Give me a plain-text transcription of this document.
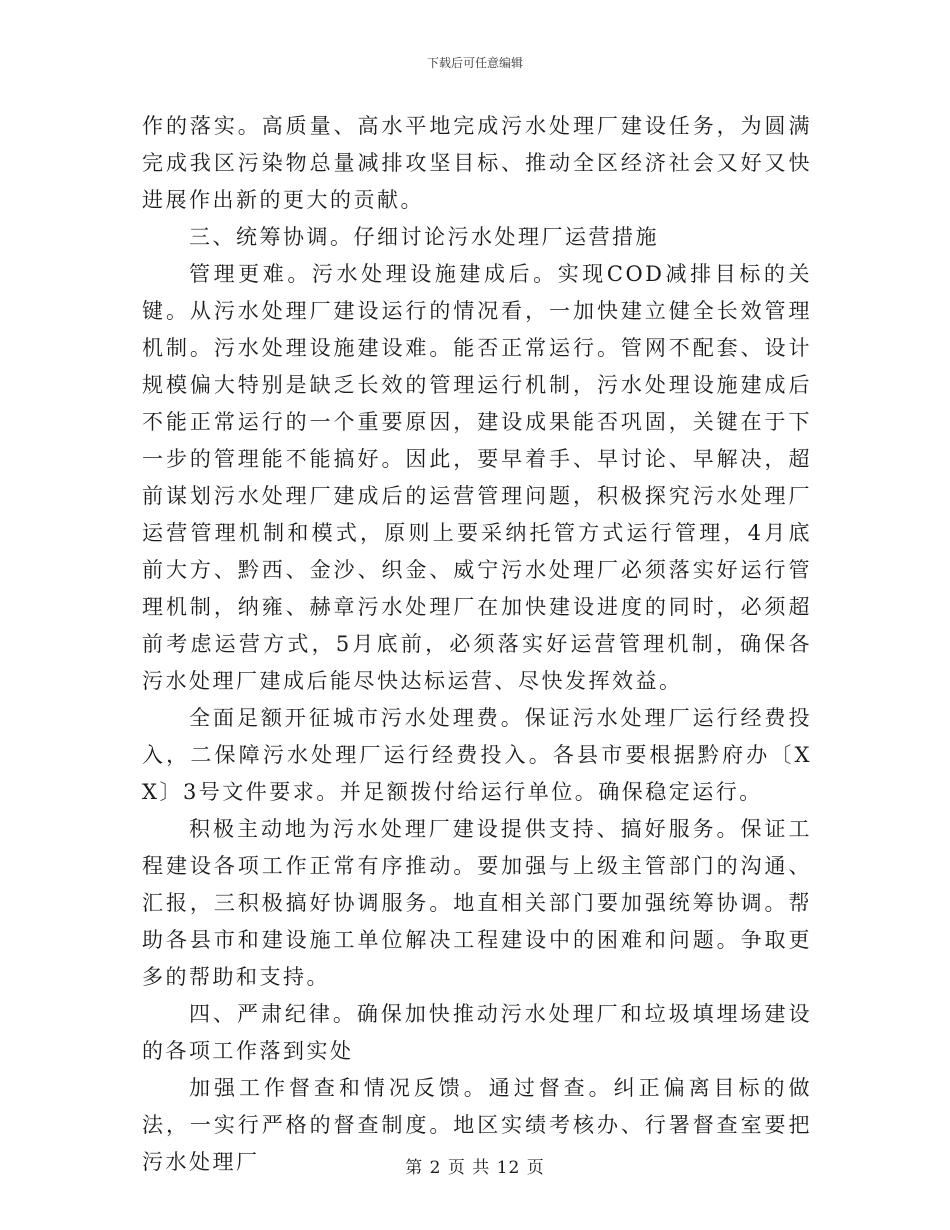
下载后可任意编辑

作的落实。高质量、高水平地完成污水处理厂建设任务，为圆满完成我区污染物总量减排攻坚目标、推动全区经济社会又好又快进展作出新的更大的贡献。

三、统筹协调。仔细讨论污水处理厂运营措施

管理更难。污水处理设施建成后。实现COD减排目标的关键。从污水处理厂建设运行的情况看，一加快建立健全长效管理机制。污水处理设施建设难。能否正常运行。管网不配套、设计规模偏大特别是缺乏长效的管理运行机制，污水处理设施建成后不能正常运行的一个重要原因，建设成果能否巩固，关键在于下一步的管理能不能搞好。因此，要早着手、早讨论、早解决，超前谋划污水处理厂建成后的运营管理问题，积极探究污水处理厂运营管理机制和模式，原则上要采纳托管方式运行管理，4月底前大方、黔西、金沙、织金、威宁污水处理厂必须落实好运行管理机制，纳雍、赫章污水处理厂在加快建设进度的同时，必须超前考虑运营方式，5月底前，必须落实好运营管理机制，确保各污水处理厂建成后能尽快达标运营、尽快发挥效益。

全面足额开征城市污水处理费。保证污水处理厂运行经费投入，二保障污水处理厂运行经费投入。各县市要根据黔府办〔XX〕3号文件要求。并足额拨付给运行单位。确保稳定运行。

积极主动地为污水处理厂建设提供支持、搞好服务。保证工程建设各项工作正常有序推动。要加强与上级主管部门的沟通、汇报，三积极搞好协调服务。地直相关部门要加强统筹协调。帮助各县市和建设施工单位解决工程建设中的困难和问题。争取更多的帮助和支持。

四、严肃纪律。确保加快推动污水处理厂和垃圾填埋场建设的各项工作落到实处

加强工作督查和情况反馈。通过督查。纠正偏离目标的做法，一实行严格的督查制度。地区实绩考核办、行署督查室要把污水处理厂	第 2 页 共 12 页
